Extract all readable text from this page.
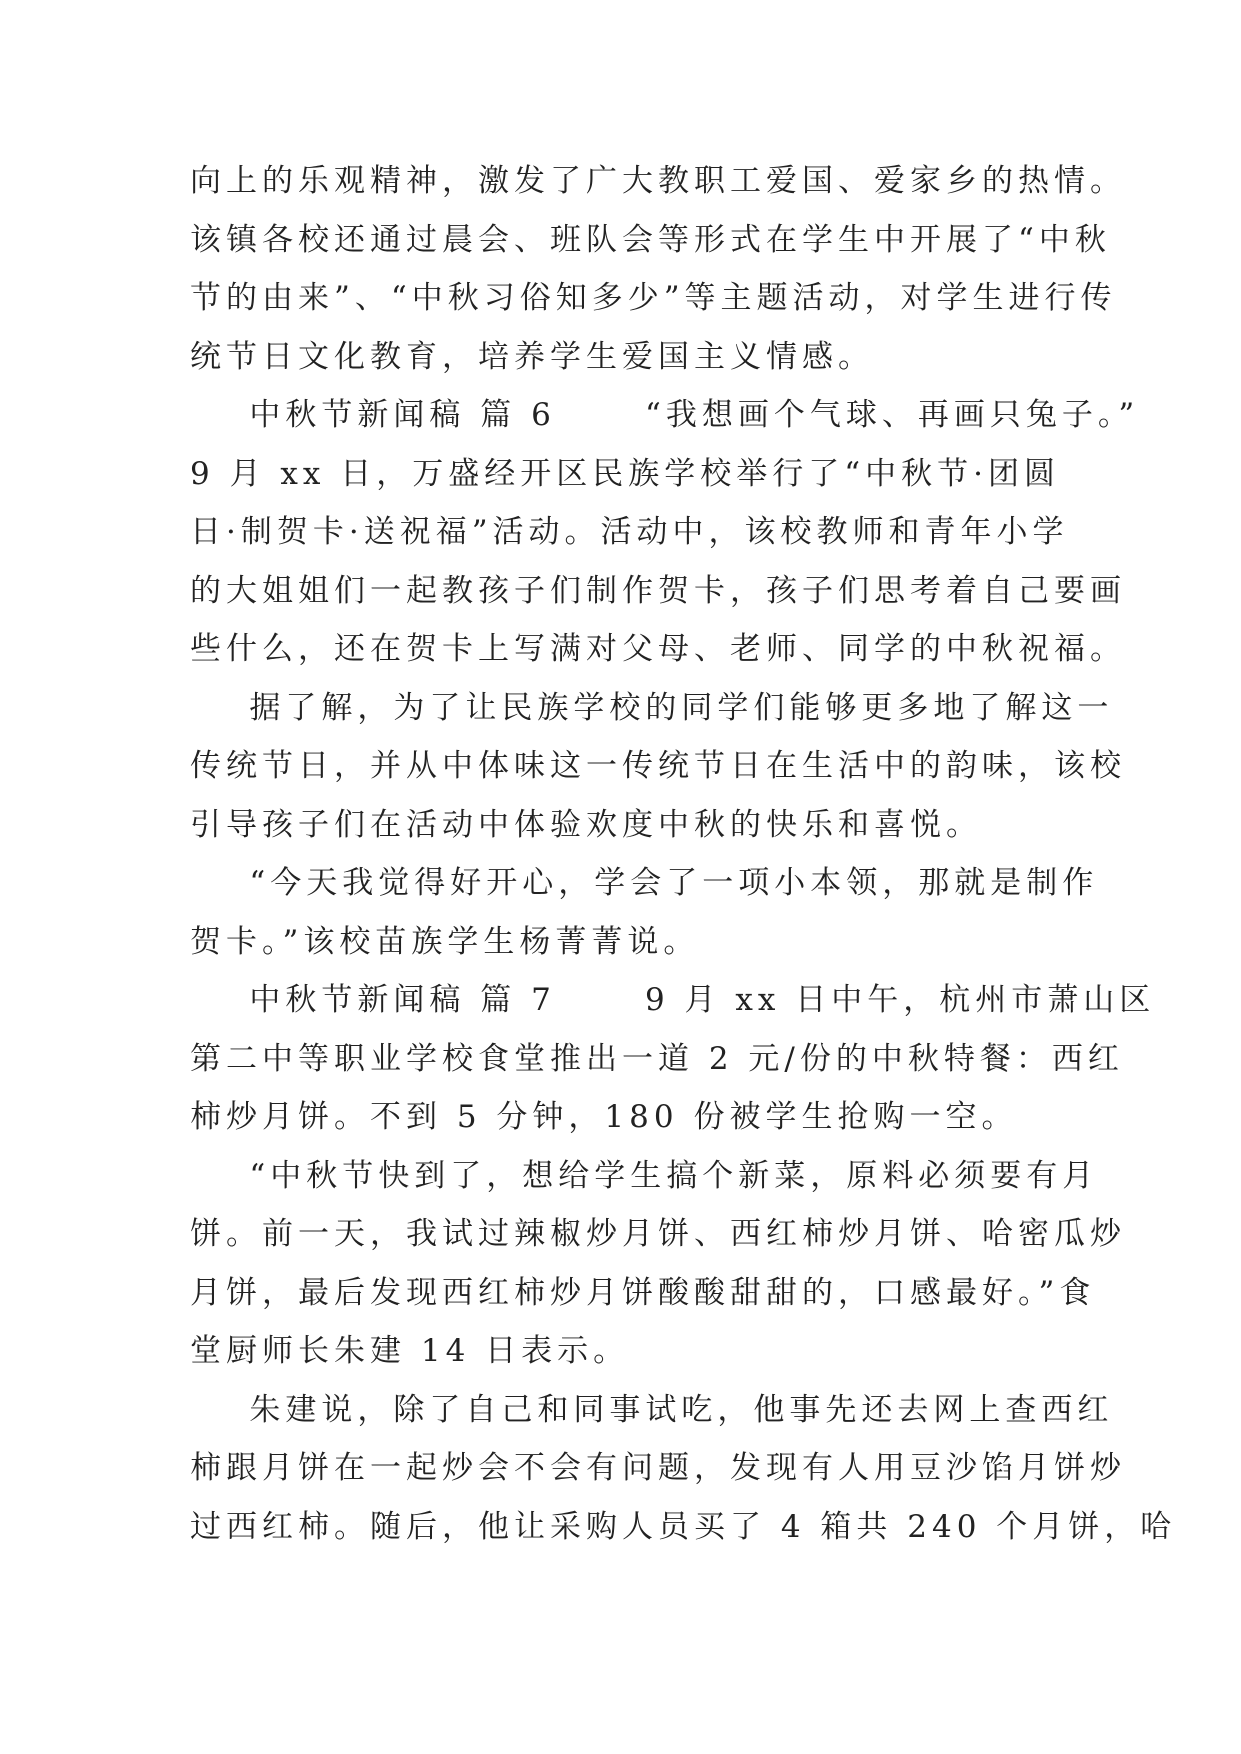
向上的乐观精神，激发了广大教职工爱国、爱家乡的热情。
该镇各校还通过晨会、班队会等形式在学生中开展了“中秋
节的由来”、“中秋习俗知多少”等主题活动，对学生进行传
统节日文化教育，培养学生爱国主义情感。
中秋节新闻稿 篇 6      “我想画个气球、再画只兔子。”
9 月 xx 日，万盛经开区民族学校举行了“中秋节·团圆
日·制贺卡·送祝福”活动。活动中，该校教师和青年小学
的大姐姐们一起教孩子们制作贺卡，孩子们思考着自己要画
些什么，还在贺卡上写满对父母、老师、同学的中秋祝福。
据了解，为了让民族学校的同学们能够更多地了解这一
传统节日，并从中体味这一传统节日在生活中的韵味，该校
引导孩子们在活动中体验欢度中秋的快乐和喜悦。
“今天我觉得好开心，学会了一项小本领，那就是制作
贺卡。”该校苗族学生杨菁菁说。
中秋节新闻稿 篇 7      9 月 xx 日中午，杭州市萧山区
第二中等职业学校食堂推出一道 2 元/份的中秋特餐：西红
柿炒月饼。不到 5 分钟，180 份被学生抢购一空。
“中秋节快到了，想给学生搞个新菜，原料必须要有月
饼。前一天，我试过辣椒炒月饼、西红柿炒月饼、哈密瓜炒
月饼，最后发现西红柿炒月饼酸酸甜甜的，口感最好。”食
堂厨师长朱建 14 日表示。
朱建说，除了自己和同事试吃，他事先还去网上查西红
柿跟月饼在一起炒会不会有问题，发现有人用豆沙馅月饼炒
过西红柿。随后，他让采购人员买了 4 箱共 240 个月饼，哈
